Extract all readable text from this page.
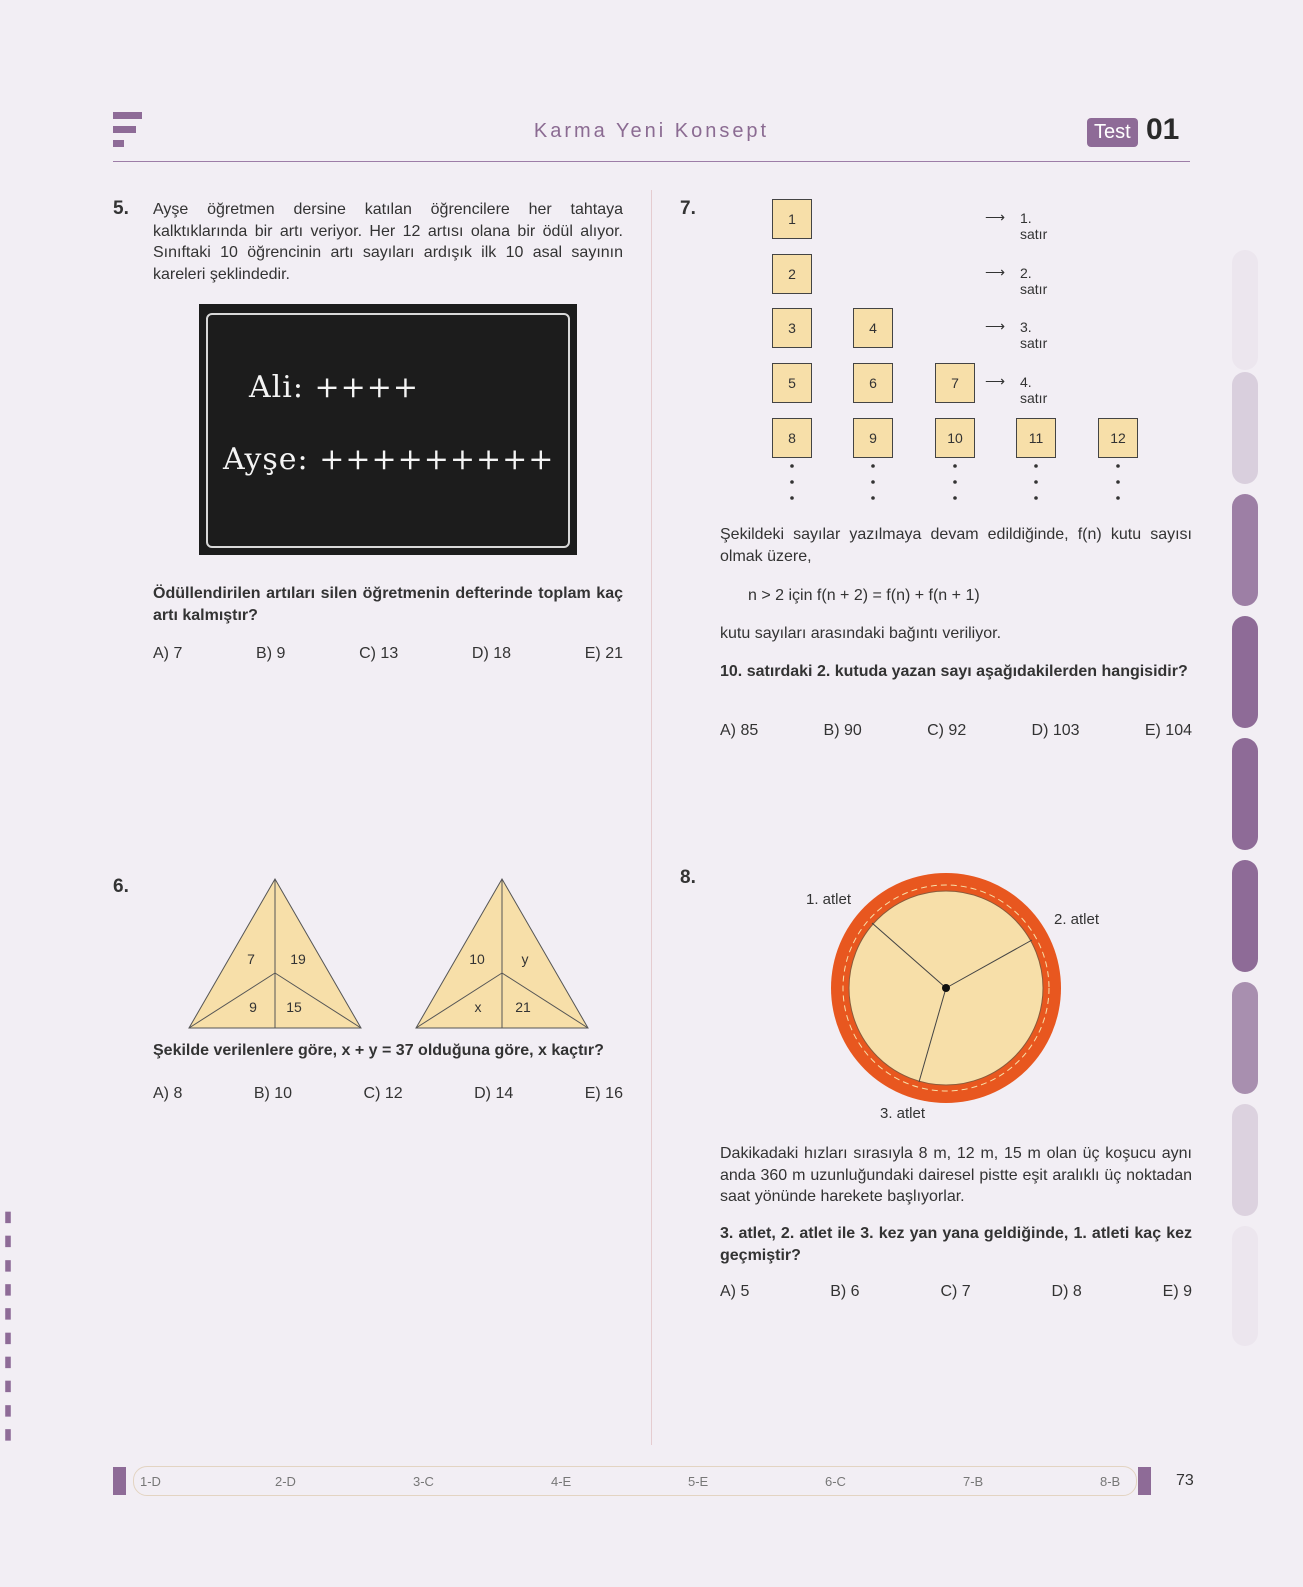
Karma Yeni Konsept	Test 01
▮ ▮ ▮ ▮ ▮ ▮ ▮ ▮ ▮ ▮
5. Ayşe öğretmen dersine katılan öğrencilere her tahtaya kalktıklarında bir artı veriyor. Her 12 artısı olana bir ödül alıyor. Sınıftaki 10 öğrencinin artı sayıları ardışık ilk 10 asal sayının kareleri şeklindedir.

Ali: ++++
Ayşe: +++++++++

Ödüllendirilen artıları silen öğretmenin defterinde toplam kaç artı kalmıştır?

A) 7	B) 9	C) 13	D) 18	E) 21
6.
7	19
9 15
10	y
x 21

Şekilde verilenlere göre, x + y = 37 olduğuna göre, x kaçtır?

A) 8	B) 10	C) 12	D) 14	E) 16
7.	1
2
3	4
5	6	7
8	9	10	11	12
⟶ 1. satır
⟶ 2. satır
⟶ 3. satır
⟶ 4. satır

Şekildeki sayılar yazılmaya devam edildiğinde, f(n) kutu sayısı olmak üzere,

n > 2 için f(n + 2) = f(n) + f(n + 1)

kutu sayıları arasındaki bağıntı veriliyor.

10. satırdaki 2. kutuda yazan sayı aşağıdakilerden hangisidir?

A) 85	B) 90	C) 92	D) 103	E) 104
8.
1. atlet
2. atlet
3. atlet

Dakikadaki hızları sırasıyla 8 m, 12 m, 15 m olan üç koşucu aynı anda 360 m uzunluğundaki dairesel pistte eşit aralıklı üç noktadan saat yönünde harekete başlıyorlar.

3. atlet, 2. atlet ile 3. kez yan yana geldiğinde, 1. atleti kaç kez geçmiştir?

A) 5	B) 6	C) 7	D) 8	E) 9
1-D	2-D	3-C	4-E	5-E	6-C	7-B	8-B	73
